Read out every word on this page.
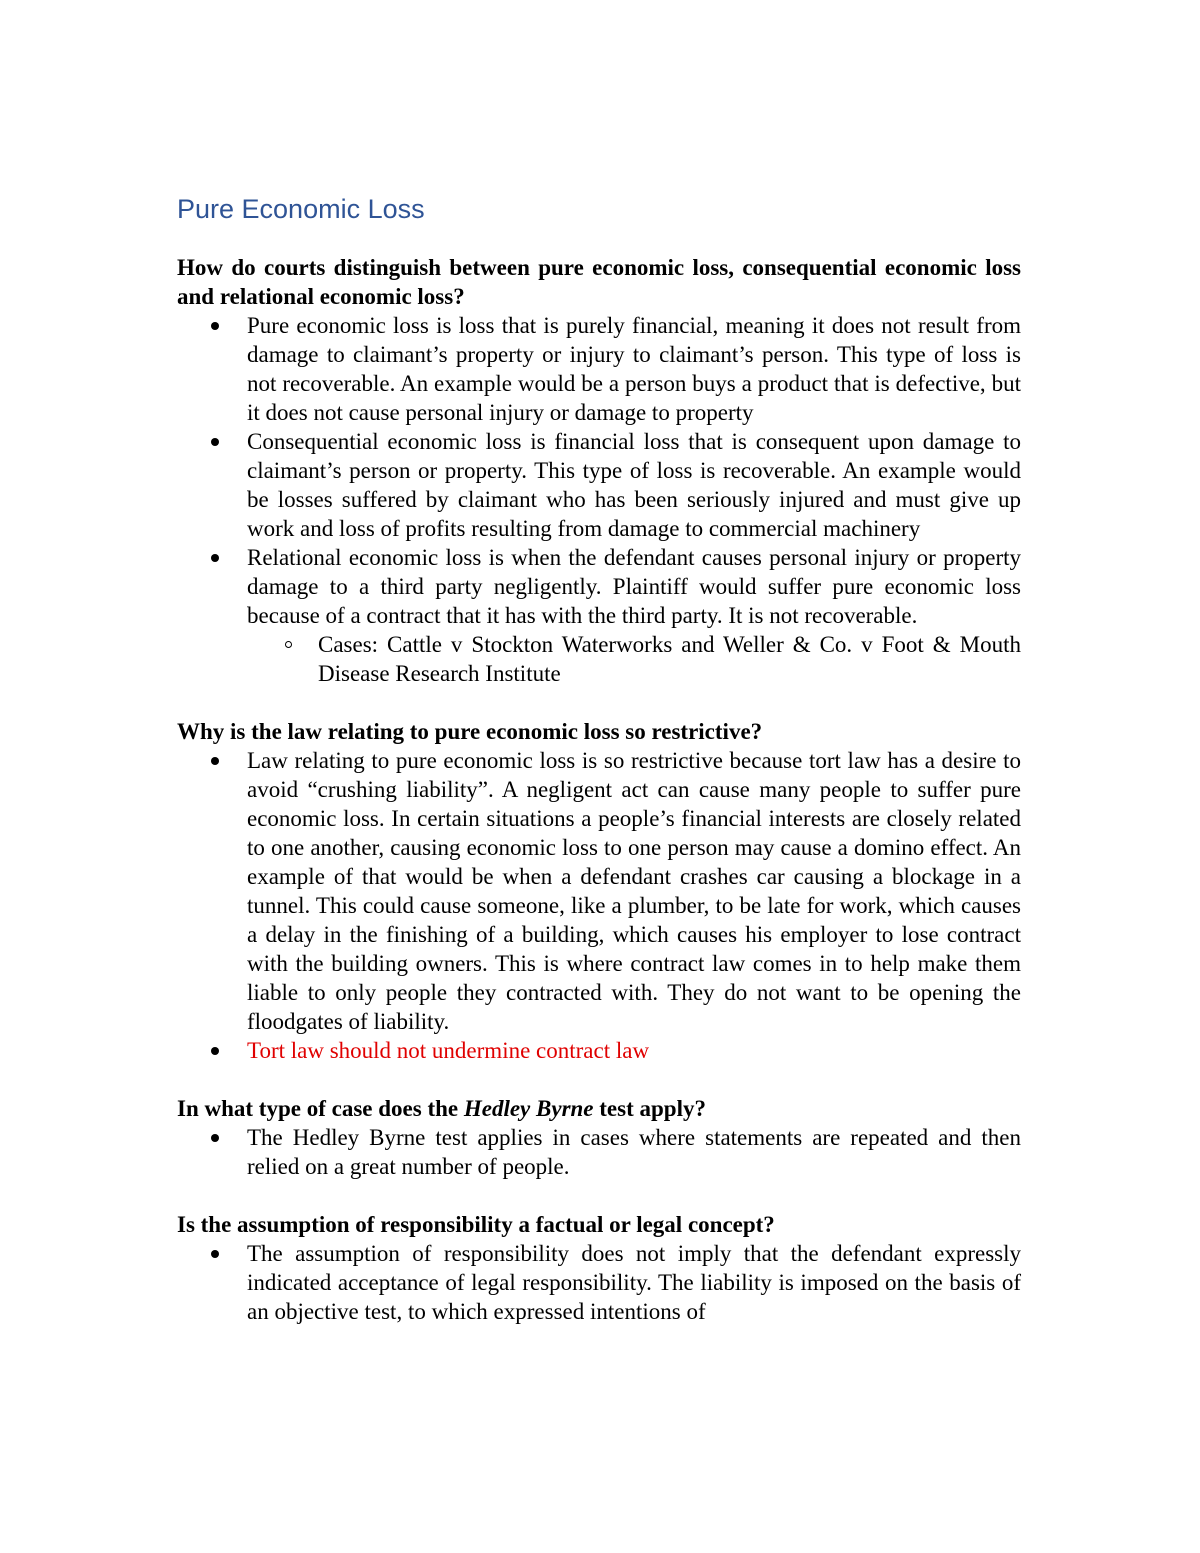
Pure Economic Loss

How do courts distinguish between pure economic loss, consequential economic loss and relational economic loss?

Pure economic loss is loss that is purely financial, meaning it does not result from damage to claimant’s property or injury to claimant’s person. This type of loss is not recoverable. An example would be a person buys a product that is defective, but it does not cause personal injury or damage to property
Consequential economic loss is financial loss that is consequent upon damage to claimant’s person or property. This type of loss is recoverable. An example would be losses suffered by claimant who has been seriously injured and must give up work and loss of profits resulting from damage to commercial machinery
Relational economic loss is when the defendant causes personal injury or property damage to a third party negligently. Plaintiff would suffer pure economic loss because of a contract that it has with the third party. It is not recoverable.
Cases: Cattle v Stockton Waterworks and Weller & Co. v Foot & Mouth Disease Research Institute

Why is the law relating to pure economic loss so restrictive?

Law relating to pure economic loss is so restrictive because tort law has a desire to avoid “crushing liability”. A negligent act can cause many people to suffer pure economic loss. In certain situations a people’s financial interests are closely related to one another, causing economic loss to one person may cause a domino effect. An example of that would be when a defendant crashes car causing a blockage in a tunnel. This could cause someone, like a plumber, to be late for work, which causes a delay in the finishing of a building, which causes his employer to lose contract with the building owners. This is where contract law comes in to help make them liable to only people they contracted with. They do not want to be opening the floodgates of liability.
Tort law should not undermine contract law

In what type of case does the Hedley Byrne test apply?

The Hedley Byrne test applies in cases where statements are repeated and then relied on a great number of people.

Is the assumption of responsibility a factual or legal concept?

The assumption of responsibility does not imply that the defendant expressly indicated acceptance of legal responsibility. The liability is imposed on the basis of an objective test, to which expressed intentions of
